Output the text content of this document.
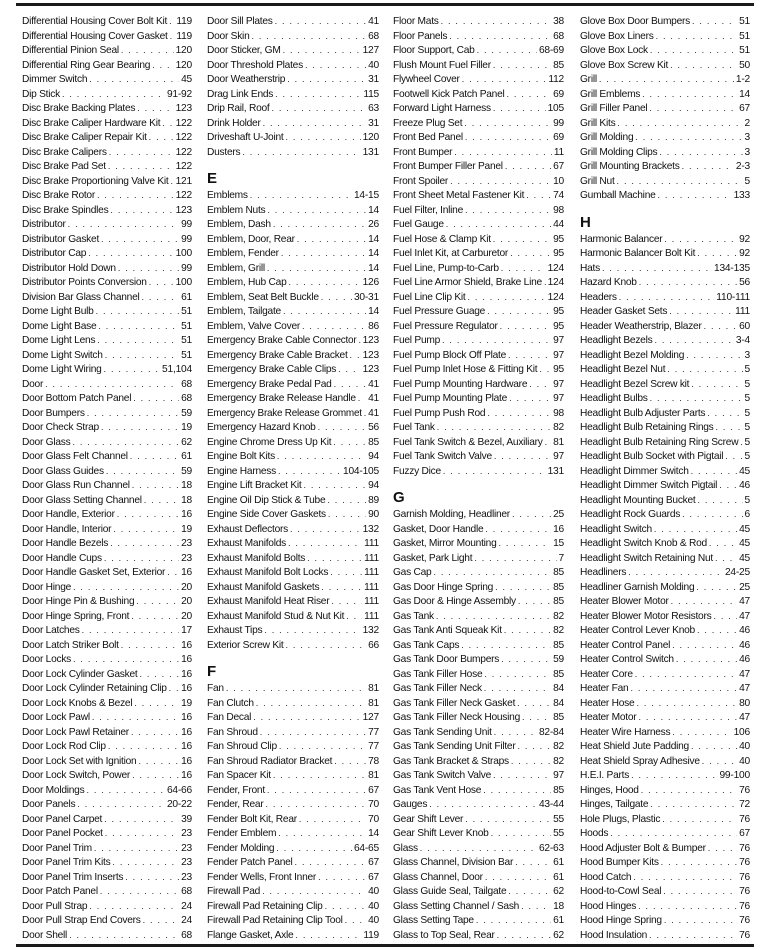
Differential Housing Cover Bolt Kit . . . 119
Differential Housing Cover Gasket . . . 119
Differential Pinion Seal . . .	120
Differential Ring Gear Bearing . . . 120
Dimmer Switch . . .	45
Dip Stick . . .	91-92
Disc Brake Backing Plates . . .	123
Disc Brake Caliper Hardware Kit . . . 122
Disc Brake Caliper Repair Kit . . .	122
Disc Brake Calipers . . .	122
Disc Brake Pad Set . . .	122
Disc Brake Proportioning Valve Kit . . . 121
Disc Brake Rotor . . .	122
Disc Brake Spindles . . .	123
Distributor . . .	99
Distributor Gasket . . .	99
Distributor Cap . . .	100
Distributor Hold Down . . .	99
Distributor Points Conversion . . .	100
Division Bar Glass Channel . . .	61
Dome Light Bulb . . .	51
Dome Light Base . . .	51
Dome Light Lens . . .	51
Dome Light Switch . . .	51
Dome Light Wiring . . .	51,104
Door . . .	68
Door Bottom Patch Panel . . .	68
Door Bumpers . . .	59
Door Check Strap . . .	19
Door Glass . . .	62
Door Glass Felt Channel . . .	61
Door Glass Guides . . .	59
Door Glass Run Channel . . .	18
Door Glass Setting Channel . . .	18
Door Handle, Exterior . . .	16
Door Handle, Interior . . .	19
Door Handle Bezels . . .	23
Door Handle Cups . . .	23
Door Handle Gasket Set, Exterior . . . 16
Door Hinge . . .	20
Door Hinge Pin & Bushing . . .	20
Door Hinge Spring, Front . . .	20
Door Latches . . .	17
Door Latch Striker Bolt . . .	16
Door Locks . . .	16
Door Lock Cylinder Gasket . . .	16
Door Lock Cylinder Retaining Clip . . . 16
Door Lock Knobs & Bezel . . .	19
Door Lock Pawl . . .	16
Door Lock Pawl Retainer . . .	16
Door Lock Rod Clip . . .	16
Door Lock Set with Ignition . . .	16
Door Lock Switch, Power . . .	16
Door Moldings . . .	64-66
Door Panels . . .	20-22
Door Panel Carpet . . .	39
Door Panel Pocket . . .	23
Door Panel Trim . . .	23
Door Panel Trim Kits . . .	23
Door Panel Trim Inserts . . .	23
Door Patch Panel . . .	68
Door Pull Strap . . .	24
Door Pull Strap End Covers . . .	24
Door Shell . . .	68
Door Sill Plates . . .	41
Door Skin . . .	68
Door Sticker, GM . . .	127
Door Threshold Plates . . .	40
Door Weatherstrip . . .	31
Drag Link Ends . . .	115
Drip Rail, Roof . . .	63
Drink Holder . . .	31
Driveshaft U-Joint . . .	120
Dusters . . .	131
E
Emblems . . .	14-15
Emblem Nuts . . .	14
Emblem, Dash . . .	26
Emblem, Door, Rear . . .	14
Emblem, Fender . . .	14
Emblem, Grill . . .	14
Emblem, Hub Cap . . .	126
Emblem, Seat Belt Buckle . . .	30-31
Emblem, Tailgate . . .	14
Emblem, Valve Cover . . .	86
Emergency Brake Cable Connector . . . 123
Emergency Brake Cable Bracket . . . 123
Emergency Brake Cable Clips . . .	123
Emergency Brake Pedal Pad . . .	41
Emergency Brake Release Handle . . . 41
Emergency Brake Release Grommet . . . 41
Emergency Hazard Knob . . .	56
Engine Chrome Dress Up Kit . . .	85
Engine Bolt Kits . . .	94
Engine Harness . . .	104-105
Engine Lift Bracket Kit . . .	94
Engine Oil Dip Stick & Tube . . .	89
Engine Side Cover Gaskets . . .	90
Exhaust Deflectors . . .	132
Exhaust Manifolds . . .	111
Exhaust Manifold Bolts . . .	111
Exhaust Manifold Bolt Locks . . .	111
Exhaust Manifold Gaskets . . .	111
Exhaust Manifold Heat Riser . . .	111
Exhaust Manifold Stud & Nut Kit . . . 111
Exhaust Tips . . .	132
Exterior Screw Kit . . .	66
F
Fan . . .	81
Fan Clutch . . .	81
Fan Decal . . .	127
Fan Shroud . . .	77
Fan Shroud Clip . . .	77
Fan Shroud Radiator Bracket . . .	78
Fan Spacer Kit . . .	81
Fender, Front . . .	67
Fender, Rear . . .	70
Fender Bolt Kit, Rear . . .	70
Fender Emblem . . .	14
Fender Molding . . .	64-65
Fender Patch Panel . . .	67
Fender Wells, Front Inner . . .	67
Firewall Pad . . .	40
Firewall Pad Retaining Clip . . .	40
Firewall Pad Retaining Clip Tool . . . 40
Flange Gasket, Axle . . .	119
Floor Mats . . .	38
Floor Panels . . .	68
Floor Support, Cab . . .	68-69
Flush Mount Fuel Filler . . .	85
Flywheel Cover . . .	112
Footwell Kick Patch Panel . . .	69
Forward Light Harness . . .	105
Freeze Plug Set . . .	99
Front Bed Panel . . .	69
Front Bumper . . .	11
Front Bumper Filler Panel . . .	67
Front Spoiler . . .	10
Front Sheet Metal Fastener Kit . . .	74
Fuel Filter, Inline . . .	98
Fuel Gauge . . .	44
Fuel Hose & Clamp Kit . . .	95
Fuel Inlet Kit, at Carburetor . . .	95
Fuel Line, Pump-to-Carb . . .	124
Fuel Line Armor Shield, Brake Line . . . 124
Fuel Line Clip Kit . . .	124
Fuel Pressure Guage . . .	95
Fuel Pressure Regulator . . .	95
Fuel Pump . . .	97
Fuel Pump Block Off Plate . . .	97
Fuel Pump Inlet Hose & Fitting Kit . . . 95
Fuel Pump Mounting Hardware . . .	97
Fuel Pump Mounting Plate . . .	97
Fuel Pump Push Rod . . .	98
Fuel Tank . . .	82
Fuel Tank Switch & Bezel, Auxiliary . . . 81
Fuel Tank Switch Valve . . .	97
Fuzzy Dice . . .	131
G
Garnish Molding, Headliner . . .	25
Gasket, Door Handle . . .	16
Gasket, Mirror Mounting . . .	15
Gasket, Park Light . . .	7
Gas Cap . . .	85
Gas Door Hinge Spring . . .	85
Gas Door & Hinge Assembly . . .	85
Gas Tank . . .	82
Gas Tank Anti Squeak Kit . . .	82
Gas Tank Caps . . .	85
Gas Tank Door Bumpers . . .	59
Gas Tank Filler Hose . . .	85
Gas Tank Filler Neck . . .	84
Gas Tank Filler Neck Gasket . . .	84
Gas Tank Filler Neck Housing . . .	85
Gas Tank Sending Unit . . .	82-84
Gas Tank Sending Unit Filter . . .	82
Gas Tank Bracket & Straps . . .	82
Gas Tank Switch Valve . . .	97
Gas Tank Vent Hose . . .	85
Gauges . . .	43-44
Gear Shift Lever . . .	55
Gear Shift Lever Knob . . .	55
Glass . . .	62-63
Glass Channel, Division Bar . . .	61
Glass Channel, Door . . .	61
Glass Guide Seal, Tailgate . . .	62
Glass Setting Channel / Sash . . .	18
Glass Setting Tape . . .	61
Glass to Top Seal, Rear . . .	62
Glove Box Door Bumpers . . .	51
Glove Box Liners . . .	51
Glove Box Lock . . .	51
Glove Box Screw Kit . . .	50
Grill . . .	1-2
Grill Emblems . . .	14
Grill Filler Panel . . .	67
Grill Kits . . .	2
Grill Molding . . .	3
Grill Molding Clips . . .	3
Grill Mounting Brackets . . .	2-3
Grill Nut . . .	5
Gumball Machine . . .	133
H
Harmonic Balancer . . .	92
Harmonic Balancer Bolt Kit . . .	92
Hats . . .	134-135
Hazard Knob . . .	56
Headers . . .	110-111
Header Gasket Sets . . .	111
Header Weatherstrip, Blazer . . .	60
Headlight Bezels . . .	3-4
Headlight Bezel Molding . . .	3
Headlight Bezel Nut . . .	5
Headlight Bezel Screw kit . . .	5
Headlight Bulbs . . .	5
Headlight Bulb Adjuster Parts . . .	5
Headlight Bulb Retaining Rings . . .	5
Headlight Bulb Retaining Ring Screw . . . 5
Headlight Bulb Socket with Pigtail . . . 5
Headlight Dimmer Switch . . .	45
Headlight Dimmer Switch Pigtail . . . 46
Headlight Mounting Bucket . . .	5
Headlight Rock Guards . . .	6
Headlight Switch . . .	45
Headlight Switch Knob & Rod . . .	45
Headlight Switch Retaining Nut . . .	45
Headliners . . .	24-25
Headliner Garnish Molding . . .	25
Heater Blower Motor . . .	47
Heater Blower Motor Resistors . . .	47
Heater Control Lever Knob . . .	46
Heater Control Panel . . .	46
Heater Control Switch . . .	46
Heater Core . . .	47
Heater Fan . . .	47
Heater Hose . . .	80
Heater Motor . . .	47
Heater Wire Harness . . .	106
Heat Shield Jute Padding . . .	40
Heat Shield Spray Adhesive . . .	40
H.E.I. Parts . . .	99-100
Hinges, Hood . . .	76
Hinges, Tailgate . . .	72
Hole Plugs, Plastic . . .	76
Hoods . . .	67
Hood Adjuster Bolt & Bumper . . .	76
Hood Bumper Kits . . .	76
Hood Catch . . .	76
Hood-to-Cowl Seal . . .	76
Hood Hinges . . .	76
Hood Hinge Spring . . .	76
Hood Insulation . . .	76
